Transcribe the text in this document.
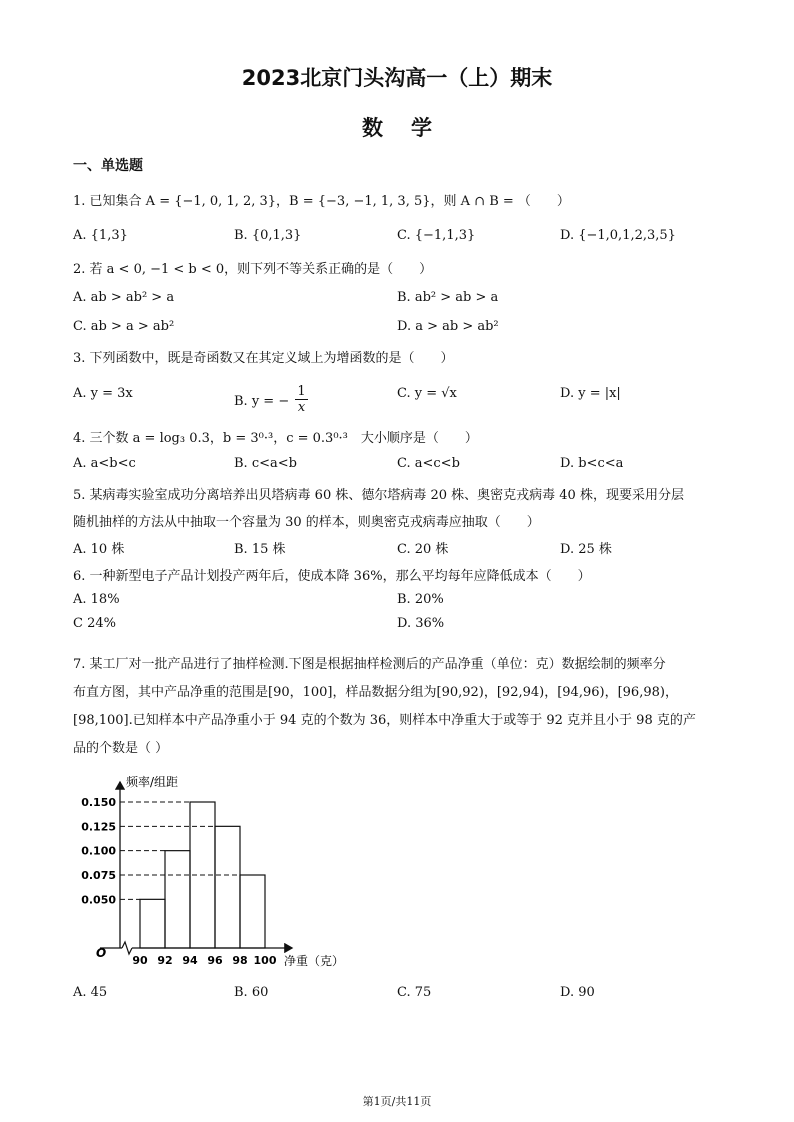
2023北京门头沟高一（上）期末
数学
一、单选题
1. 已知集合 A = {−1, 0, 1, 2, 3}，B = {−3, −1, 1, 3, 5}，则 A ∩ B = （　　）
A. {1,3}	B. {0,1,3}	C. {−1,1,3}	D. {−1,0,1,2,3,5}
2. 若 a < 0, −1 < b < 0，则下列不等关系正确的是（　　）
A. ab > ab² > a	B. ab² > ab > a
C. ab > a > ab²	D. a > ab > ab²
3. 下列函数中，既是奇函数又在其定义域上为增函数的是（　　）
A. y = 3x
B. y = − $\frac{1}{x}$	C. y = √x	D. y = |x|
4. 三个数 a = log₃ 0.3，b = 3⁰·³，c = 0.3⁰·³　大小顺序是（　　）
A. a<b<c	B. c<a<b	C. a<c<b	D. b<c<a
5. 某病毒实验室成功分离培养出贝塔病毒 60 株、德尔塔病毒 20 株、奥密克戎病毒 40 株，现要采用分层
随机抽样的方法从中抽取一个容量为 30 的样本，则奥密克戎病毒应抽取（　　）
A. 10 株	B. 15 株	C. 20 株	D. 25 株
6. 一种新型电子产品计划投产两年后，使成本降 36%，那么平均每年应降低成本（　　）
A. 18%	B. 20%
C 24%	D. 36%
7. 某工厂对一批产品进行了抽样检测.下图是根据抽样检测后的产品净重（单位：克）数据绘制的频率分
布直方图，其中产品净重的范围是[90，100]，样品数据分组为[90,92)，[92,94)，[94,96)，[96,98)，
[98,100].已知样本中产品净重小于 94 克的个数为 36，则样本中净重大于或等于 92 克并且小于 98 克的产
品的个数是（ ）
0.150
0.125
0.100
0.075
0.050
90 92 94 96 98 100
频率/组距
净重（克）
O
A. 45	B. 60	C. 75	D. 90
第1页/共11页
